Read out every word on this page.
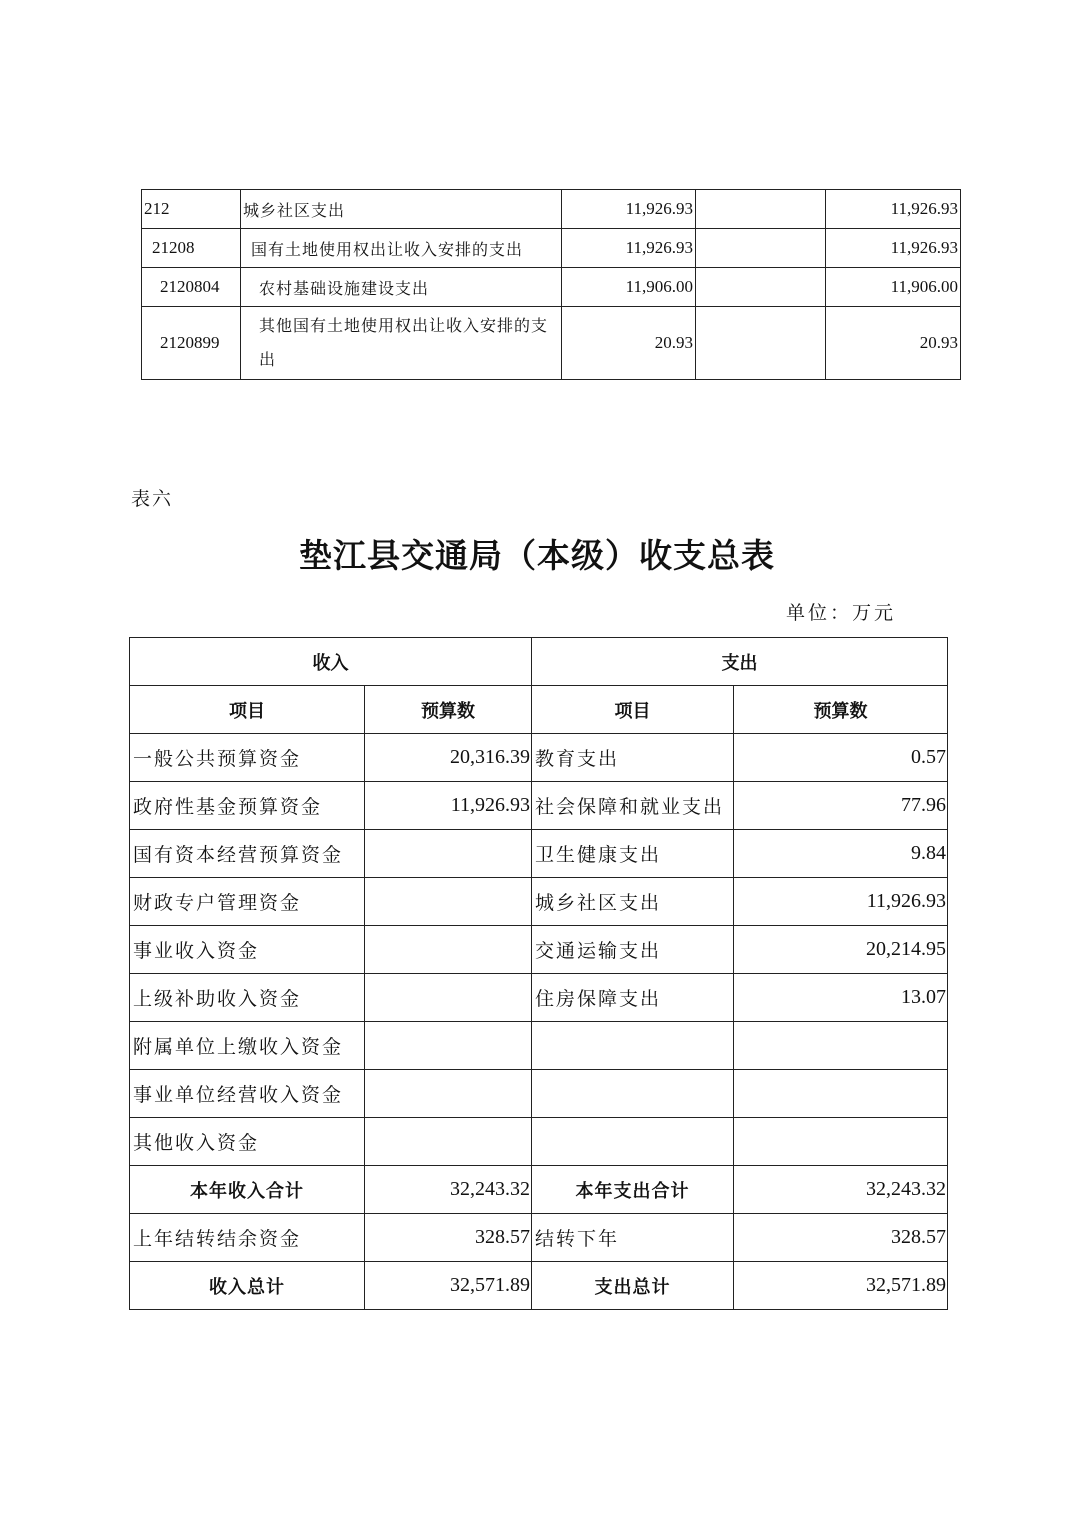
212	城乡社区支出	11,926.93		11,926.93
21208	国有土地使用权出让收入安排的支出	11,926.93		11,926.93
2120804	农村基础设施建设支出	11,906.00		11,906.00
2120899	其他国有土地使用权出让收入安排的支出	20.93		20.93
表六
垫江县交通局（本级）收支总表
单位：万元
收入		支出	
项目	预算数	项目	预算数
一般公共预算资金	20,316.39	教育支出	0.57
政府性基金预算资金	11,926.93	社会保障和就业支出	77.96
国有资本经营预算资金		卫生健康支出	9.84
财政专户管理资金		城乡社区支出	11,926.93
事业收入资金		交通运输支出	20,214.95
上级补助收入资金		住房保障支出	13.07
附属单位上缴收入资金			
事业单位经营收入资金			
其他收入资金			
本年收入合计	32,243.32	本年支出合计	32,243.32
上年结转结余资金	328.57	结转下年	328.57
收入总计	32,571.89	支出总计	32,571.89
